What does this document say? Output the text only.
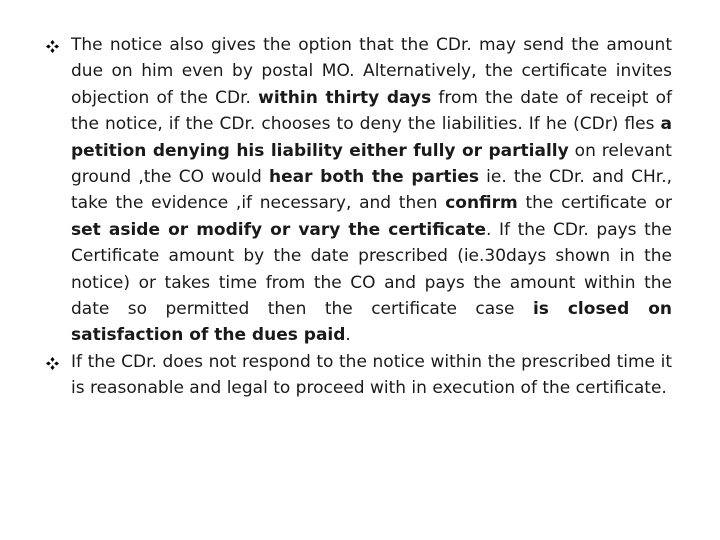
The notice also gives the option that the CDr. may send the amount due on him even by postal MO. Alternatively, the certificate invites objection of the CDr. within thirty days from the date of receipt of the notice, if the CDr. chooses to deny the liabilities. If he (CDr) fles a petition denying his liability either fully or partially on relevant ground ,the CO would hear both the parties ie. the CDr. and CHr., take the evidence ,if necessary, and then confirm the certificate or set aside or modify or vary the certificate. If the CDr. pays the Certificate amount by the date prescribed (ie.30days shown in the notice) or takes time from the CO and pays the amount within the date so permitted then the certificate case is closed on satisfaction of the dues paid.
If the CDr. does not respond to the notice within the prescribed time it is reasonable and legal to proceed with in execution of the certificate.
